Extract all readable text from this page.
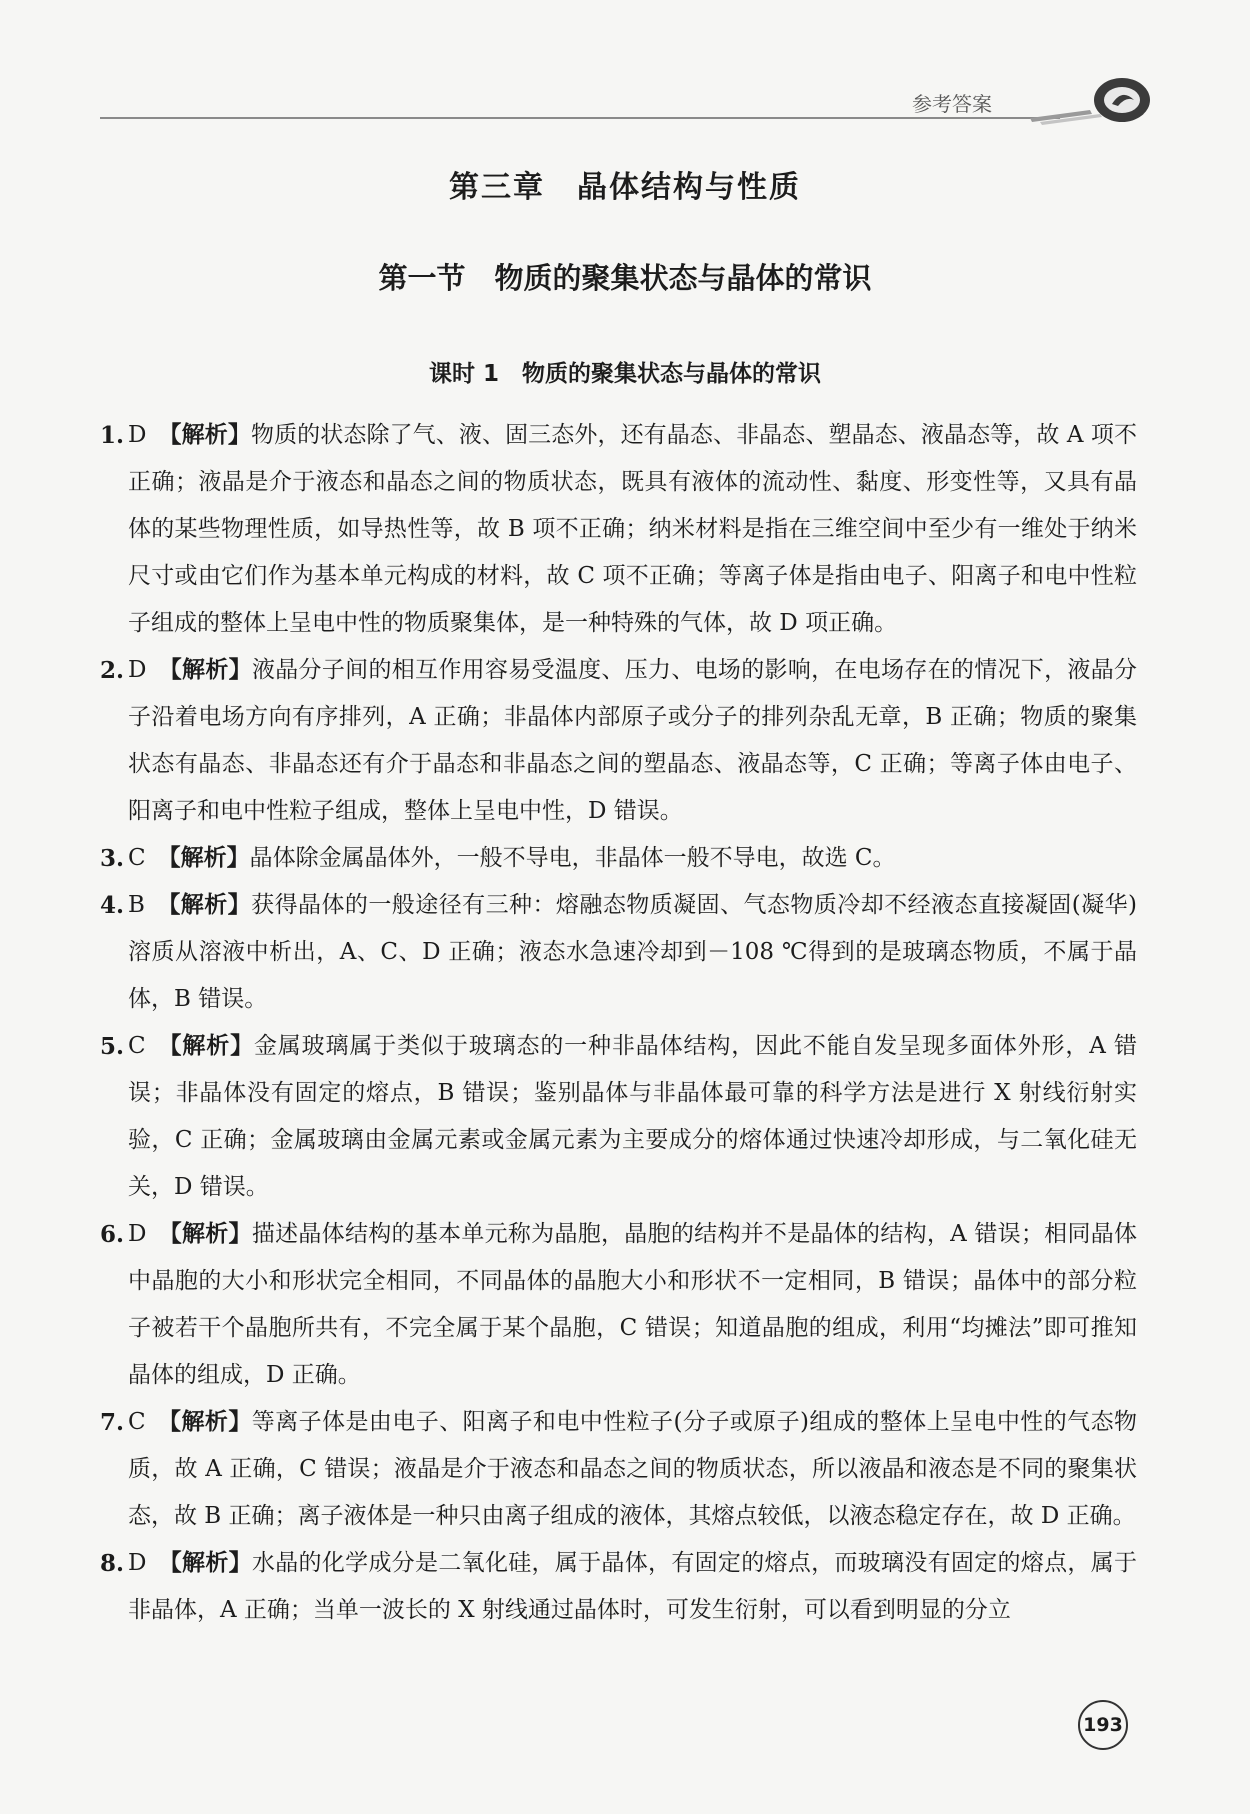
参考答案
第三章　晶体结构与性质
第一节　物质的聚集状态与晶体的常识
课时 1　物质的聚集状态与晶体的常识
1. D 【解析】物质的状态除了气、液、固三态外，还有晶态、非晶态、塑晶态、液晶态等，故 A 项不正确；液晶是介于液态和晶态之间的物质状态，既具有液体的流动性、黏度、形变性等，又具有晶体的某些物理性质，如导热性等，故 B 项不正确；纳米材料是指在三维空间中至少有一维处于纳米尺寸或由它们作为基本单元构成的材料，故 C 项不正确；等离子体是指由电子、阳离子和电中性粒子组成的整体上呈电中性的物质聚集体，是一种特殊的气体，故 D 项正确。
2. D 【解析】液晶分子间的相互作用容易受温度、压力、电场的影响，在电场存在的情况下，液晶分子沿着电场方向有序排列，A 正确；非晶体内部原子或分子的排列杂乱无章，B 正确；物质的聚集状态有晶态、非晶态还有介于晶态和非晶态之间的塑晶态、液晶态等，C 正确；等离子体由电子、阳离子和电中性粒子组成，整体上呈电中性，D 错误。
3. C 【解析】晶体除金属晶体外，一般不导电，非晶体一般不导电，故选 C。
4. B 【解析】获得晶体的一般途径有三种：熔融态物质凝固、气态物质冷却不经液态直接凝固(凝华)溶质从溶液中析出，A、C、D 正确；液态水急速冷却到－108 ℃得到的是玻璃态物质，不属于晶体，B 错误。
5. C 【解析】金属玻璃属于类似于玻璃态的一种非晶体结构，因此不能自发呈现多面体外形，A 错误；非晶体没有固定的熔点，B 错误；鉴别晶体与非晶体最可靠的科学方法是进行 X 射线衍射实验，C 正确；金属玻璃由金属元素或金属元素为主要成分的熔体通过快速冷却形成，与二氧化硅无关，D 错误。
6. D 【解析】描述晶体结构的基本单元称为晶胞，晶胞的结构并不是晶体的结构，A 错误；相同晶体中晶胞的大小和形状完全相同，不同晶体的晶胞大小和形状不一定相同，B 错误；晶体中的部分粒子被若干个晶胞所共有，不完全属于某个晶胞，C 错误；知道晶胞的组成，利用“均摊法”即可推知晶体的组成，D 正确。
7. C 【解析】等离子体是由电子、阳离子和电中性粒子(分子或原子)组成的整体上呈电中性的气态物质，故 A 正确，C 错误；液晶是介于液态和晶态之间的物质状态，所以液晶和液态是不同的聚集状态，故 B 正确；离子液体是一种只由离子组成的液体，其熔点较低，以液态稳定存在，故 D 正确。
8. D 【解析】水晶的化学成分是二氧化硅，属于晶体，有固定的熔点，而玻璃没有固定的熔点，属于非晶体，A 正确；当单一波长的 X 射线通过晶体时，可发生衍射，可以看到明显的分立
193
